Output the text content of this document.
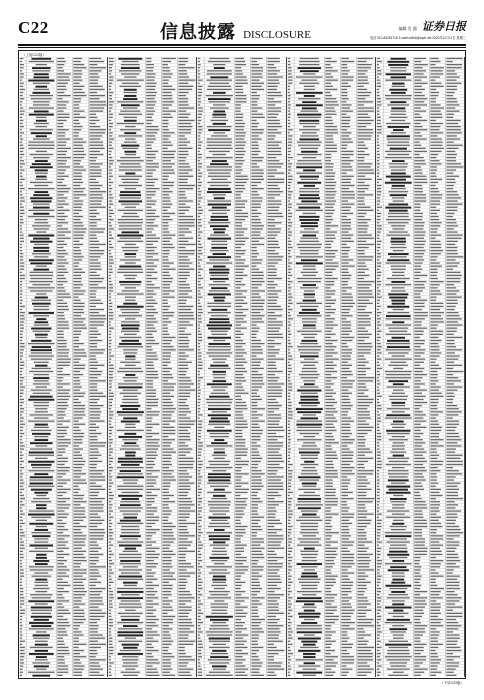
C22	信息披露 DISCLOSURE
编辑 肖 越 证券日报
电话 010-83251716 E-mail:zzlfxb@zqrb.net 2020年11月11日 星期三
（上接C21版）
（下转C23版）
